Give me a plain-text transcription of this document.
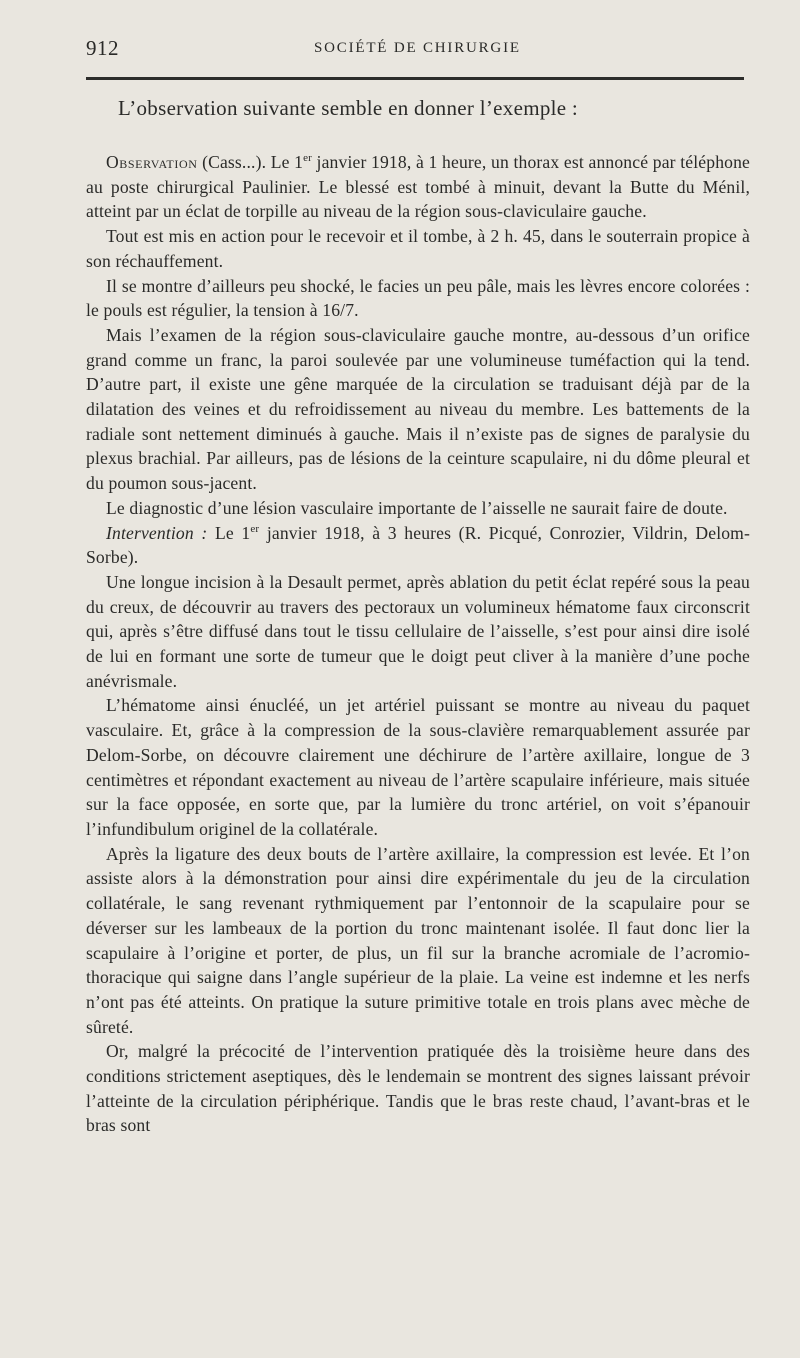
912	SOCIÉTÉ DE CHIRURGIE

L’observation suivante semble en donner l’exemple :

Observation (Cass...). Le 1er janvier 1918, à 1 heure, un thorax est annoncé par téléphone au poste chirurgical Paulinier. Le blessé est tombé à minuit, devant la Butte du Ménil, atteint par un éclat de torpille au niveau de la région sous-claviculaire gauche.

Tout est mis en action pour le recevoir et il tombe, à 2 h. 45, dans le souterrain propice à son réchauffement.

Il se montre d’ailleurs peu shocké, le facies un peu pâle, mais les lèvres encore colorées : le pouls est régulier, la tension à 16/7.

Mais l’examen de la région sous-claviculaire gauche montre, au-dessous d’un orifice grand comme un franc, la paroi soulevée par une volumineuse tuméfaction qui la tend. D’autre part, il existe une gêne marquée de la circulation se traduisant déjà par de la dilatation des veines et du refroidissement au niveau du membre. Les battements de la radiale sont nettement diminués à gauche. Mais il n’existe pas de signes de paralysie du plexus brachial. Par ailleurs, pas de lésions de la ceinture scapulaire, ni du dôme pleural et du poumon sous-jacent.

Le diagnostic d’une lésion vasculaire importante de l’aisselle ne saurait faire de doute.

Intervention : Le 1er janvier 1918, à 3 heures (R. Picqué, Conrozier, Vildrin, Delom-Sorbe).

Une longue incision à la Desault permet, après ablation du petit éclat repéré sous la peau du creux, de découvrir au travers des pectoraux un volumineux hématome faux circonscrit qui, après s’être diffusé dans tout le tissu cellulaire de l’aisselle, s’est pour ainsi dire isolé de lui en formant une sorte de tumeur que le doigt peut cliver à la manière d’une poche anévrismale.

L’hématome ainsi énucléé, un jet artériel puissant se montre au niveau du paquet vasculaire. Et, grâce à la compression de la sous-clavière remarquablement assurée par Delom-Sorbe, on découvre clairement une déchirure de l’artère axillaire, longue de 3 centimètres et répondant exactement au niveau de l’artère scapulaire inférieure, mais située sur la face opposée, en sorte que, par la lumière du tronc artériel, on voit s’épanouir l’infundibulum originel de la collatérale.

Après la ligature des deux bouts de l’artère axillaire, la compression est levée. Et l’on assiste alors à la démonstration pour ainsi dire expérimentale du jeu de la circulation collatérale, le sang revenant rythmiquement par l’entonnoir de la scapulaire pour se déverser sur les lambeaux de la portion du tronc maintenant isolée. Il faut donc lier la scapulaire à l’origine et porter, de plus, un fil sur la branche acromiale de l’acromio-thoracique qui saigne dans l’angle supérieur de la plaie. La veine est indemne et les nerfs n’ont pas été atteints. On pratique la suture primitive totale en trois plans avec mèche de sûreté.

Or, malgré la précocité de l’intervention pratiquée dès la troisième heure dans des conditions strictement aseptiques, dès le lendemain se montrent des signes laissant prévoir l’atteinte de la circulation périphérique. Tandis que le bras reste chaud, l’avant-bras et le bras sont
